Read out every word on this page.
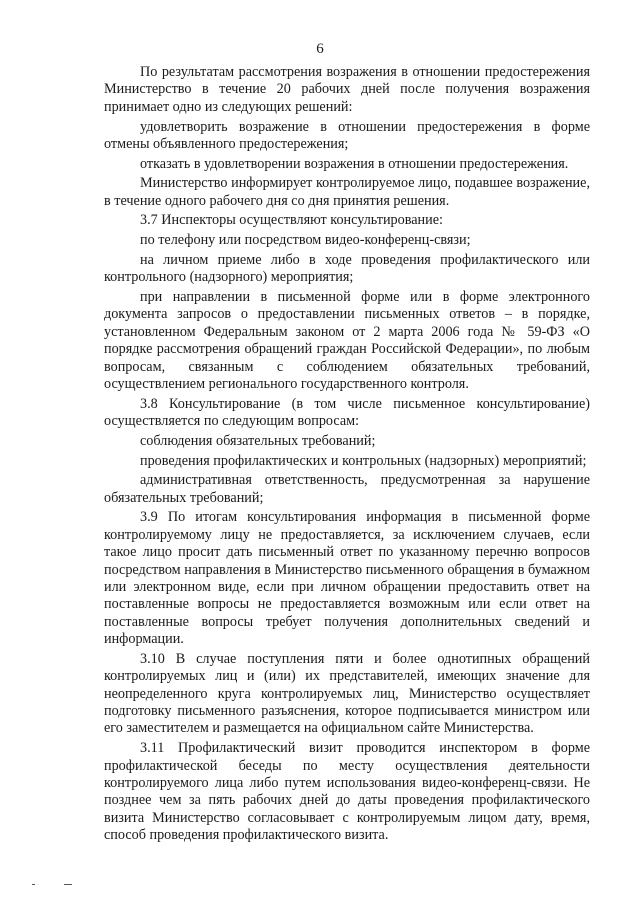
6

По результатам рассмотрения возражения в отношении предостережения Министерство в течение 20 рабочих дней после получения возражения принимает одно из следующих решений:

удовлетворить возражение в отношении предостережения в форме отмены объявленного предостережения;

отказать в удовлетворении возражения в отношении предостережения.

Министерство информирует контролируемое лицо, подавшее возражение, в течение одного рабочего дня со дня принятия решения.

3.7 Инспекторы осуществляют консультирование:

по телефону или посредством видео-конференц-связи;

на личном приеме либо в ходе проведения профилактического или контрольного (надзорного) мероприятия;

при направлении в письменной форме или в форме электронного документа запросов о предоставлении письменных ответов – в порядке, установленном Федеральным законом от 2 марта 2006 года № 59-ФЗ «О порядке рассмотрения обращений граждан Российской Федерации», по любым вопросам, связанным с соблюдением обязательных требований, осуществлением регионального государственного контроля.

3.8 Консультирование (в том числе письменное консультирование) осуществляется по следующим вопросам:

соблюдения обязательных требований;

проведения профилактических и контрольных (надзорных) мероприятий;

административная ответственность, предусмотренная за нарушение обязательных требований;

3.9 По итогам консультирования информация в письменной форме контролируемому лицу не предоставляется, за исключением случаев, если такое лицо просит дать письменный ответ по указанному перечню вопросов посредством направления в Министерство письменного обращения в бумажном или электронном виде, если при личном обращении предоставить ответ на поставленные вопросы не предоставляется возможным или если ответ на поставленные вопросы требует получения дополнительных сведений и информации.

3.10 В случае поступления пяти и более однотипных обращений контролируемых лиц и (или) их представителей, имеющих значение для неопределенного круга контролируемых лиц, Министерство осуществляет подготовку письменного разъяснения, которое подписывается министром или его заместителем и размещается на официальном сайте Министерства.

3.11 Профилактический визит проводится инспектором в форме профилактической беседы по месту осуществления деятельности контролируемого лица либо путем использования видео-конференц-связи. Не позднее чем за пять рабочих дней до даты проведения профилактического визита Министерство согласовывает с контролируемым лицом дату, время, способ проведения профилактического визита.
